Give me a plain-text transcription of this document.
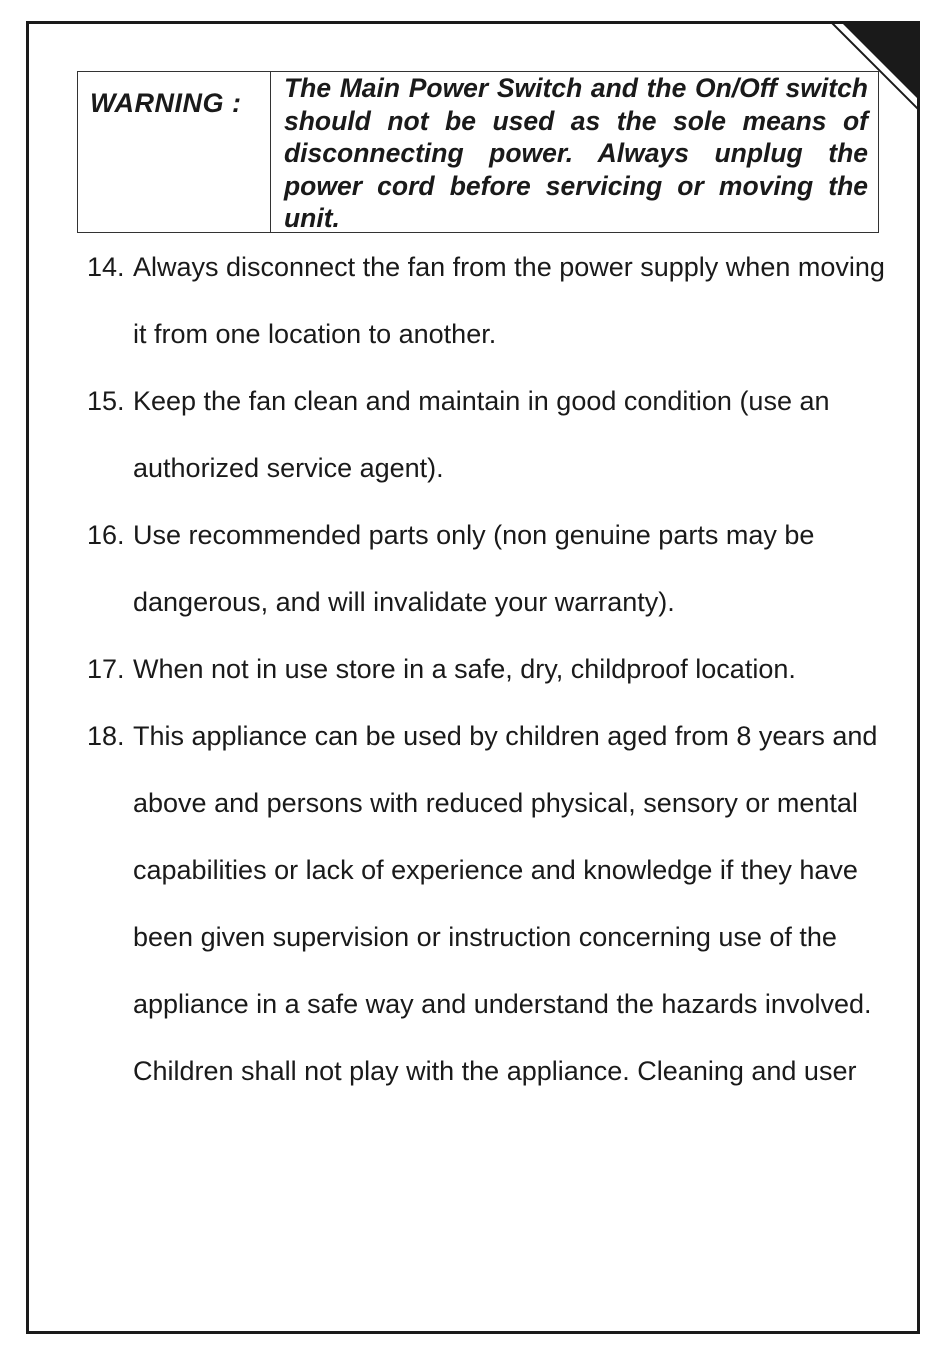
WARNING : The Main Power Switch and the On/Off switch should not be used as the sole means of disconnecting power. Always unplug the power cord before servicing or moving the unit.
14. Always disconnect the fan from the power supply when moving it from one location to another.
15. Keep the fan clean and maintain in good condition (use an authorized service agent).
16. Use recommended parts only (non genuine parts may be dangerous, and will invalidate your warranty).
17. When not in use store in a safe, dry, childproof location.
18. This appliance can be used by children aged from 8 years and above and persons with reduced physical, sensory or mental capabilities or lack of experience and knowledge if they have been given supervision or instruction concerning use of the appliance in a safe way and understand the hazards involved. Children shall not play with the appliance. Cleaning and user
